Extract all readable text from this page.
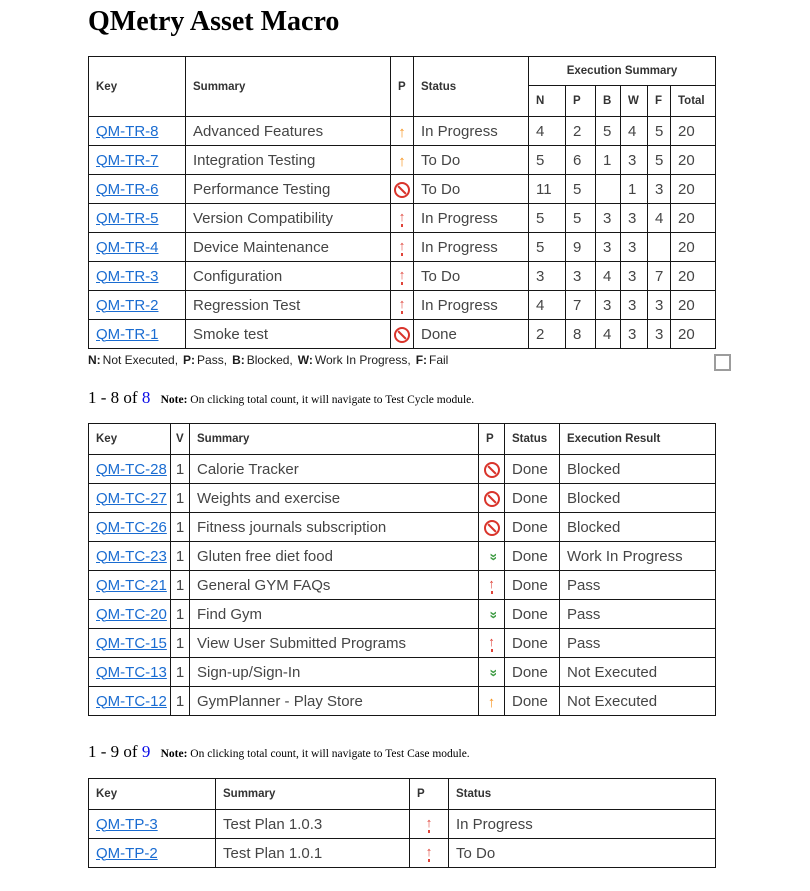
QMetry Asset Macro
Key	Summary	P	Status	Execution Summary					
				N	P	B	W	F	Total
QM-TR-8	Advanced Features	↑	In Progress	4	2	5	4	5	20
QM-TR-7	Integration Testing	↑	To Do	5	6	1	3	5	20
QM-TR-6	Performance Testing		To Do	11	5		1	3	20
QM-TR-5	Version Compatibility	↑	In Progress	5	5	3	3	4	20
QM-TR-4	Device Maintenance	↑	In Progress	5	9	3	3		20
QM-TR-3	Configuration	↑	To Do	3	3	4	3	7	20
QM-TR-2	Regression Test	↑	In Progress	4	7	3	3	3	20
QM-TR-1	Smoke test		Done	2	8	4	3	3	20
N: Not Executed, P: Pass, B: Blocked, W: Work In Progress, F: Fail
1 - 8 of 8 Note: On clicking total count, it will navigate to Test Cycle module.
Key	V	Summary	P	Status	Execution Result
QM-TC-28	1	Calorie Tracker		Done	Blocked
QM-TC-27	1	Weights and exercise		Done	Blocked
QM-TC-26	1	Fitness journals subscription		Done	Blocked
QM-TC-23	1	Gluten free diet food	«	Done	Work In Progress
QM-TC-21	1	General GYM FAQs	↑	Done	Pass
QM-TC-20	1	Find Gym	«	Done	Pass
QM-TC-15	1	View User Submitted Programs	↑	Done	Pass
QM-TC-13	1	Sign-up/Sign-In	«	Done	Not Executed
QM-TC-12	1	GymPlanner - Play Store	↑	Done	Not Executed
1 - 9 of 9 Note: On clicking total count, it will navigate to Test Case module.
Key	Summary	P	Status
QM-TP-3	Test Plan 1.0.3	↑	In Progress
QM-TP-2	Test Plan 1.0.1	↑	To Do
